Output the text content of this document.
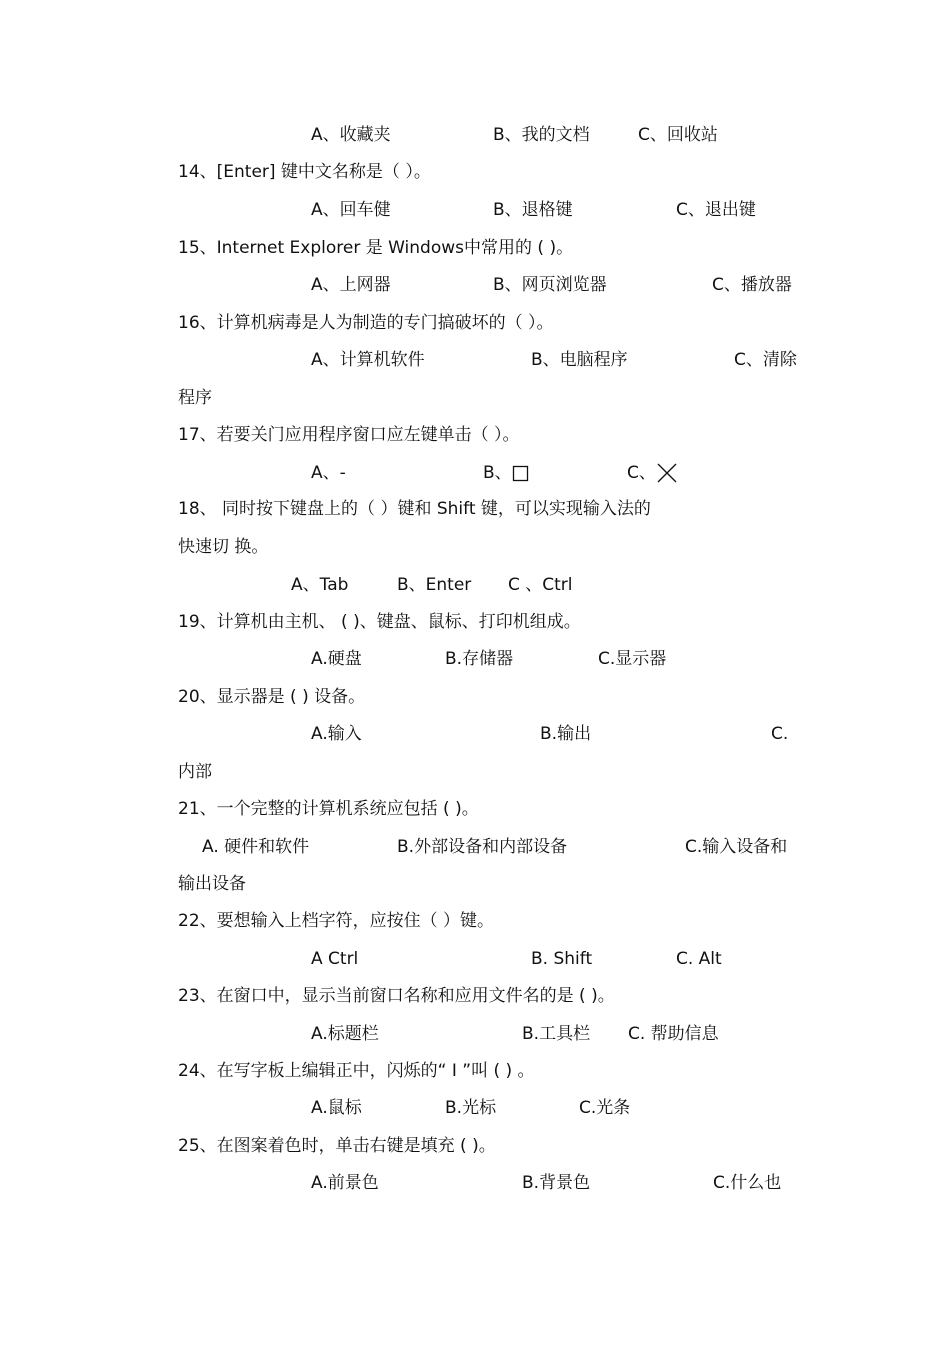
A、收藏夹	B、我的文档	C、回收站
14、[Enter] 键中文名称是（ ）。
A、回车健	B、退格键	C、退出键
15、Internet Explorer 是 Windows中常用的 ( )。
A、上网器	B、网页浏览器	C、播放器
16、计算机病毒是人为制造的专门搞破坏的（ ）。
A、计算机软件	B、电脑程序	C、清除
程序
17、若要关门应用程序窗口应左键单击（ ）。
A、-	B、	C、
18、 同时按下键盘上的（ ）键和 Shift 键，可以实现输入法的
快速切 换。
A、Tab	B、Enter C 、Ctrl
19、计算机由主机、 ( )、键盘、鼠标、打印机组成。
A.硬盘	B.存储器	C.显示器
20、显示器是 ( ) 设备。
A.输入	B.输出	C.
内部
21、一个完整的计算机系统应包括 ( )。
A. 硬件和软件	B.外部设备和内部设备	C.输入设备和
输出设备
22、要想输入上档字符，应按住（ ）键。
A Ctrl	B. Shift	C. Alt
23、在窗口中，显示当前窗口名称和应用文件名的是 ( )。
A.标题栏	B.工具栏 C. 帮助信息
24、在写字板上编辑正中，闪烁的“ I ”叫 ( ) 。
A.鼠标	B.光标	C.光条
25、在图案着色时，单击右键是填充 ( )。
A.前景色	B.背景色	C.什么也
